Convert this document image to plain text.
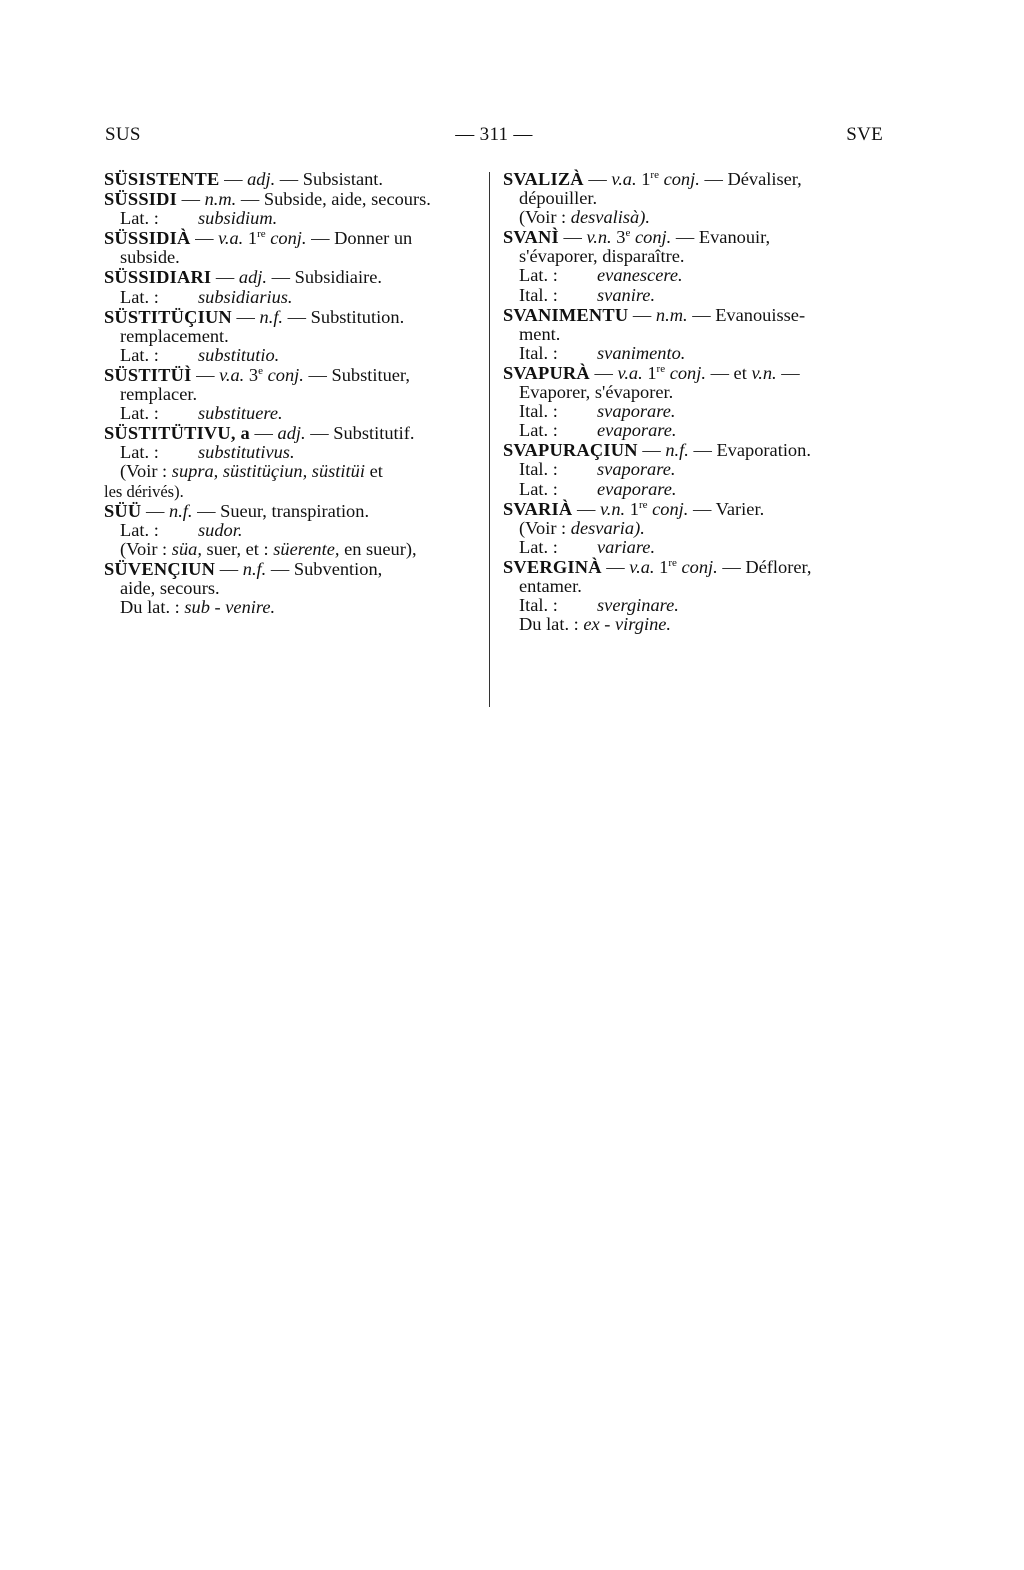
SUS	— 311 —	SVE
SÜSISTENTE — adj. — Subsistant.
SÜSSIDI — n.m. — Subside, aide, secours.
Lat. : subsidium.
SÜSSIDIÀ — v.a. 1re conj. — Donner un
subside.
SÜSSIDIARI — adj. — Subsidiaire.
Lat. : subsidiarius.
SÜSTITÜÇIUN — n.f. — Substitution.
remplacement.
Lat. : substitutio.
SÜSTITÜÌ — v.a. 3e conj. — Substituer,
remplacer.
Lat. : substituere.
SÜSTITÜTIVU, a — adj. — Substitutif.
Lat. : substitutivus.
(Voir : supra, süstitüçiun, süstitüi et
les dérivés).
SÜÜ — n.f. — Sueur, transpiration.
Lat. : sudor.
(Voir : süa, suer, et : süerente, en sueur),
SÜVENÇIUN — n.f. — Subvention,
aide, secours.
Du lat. : sub - venire.
SVALIZÀ — v.a. 1re conj. — Dévaliser,
dépouiller.
(Voir : desvalisà).
SVANÌ — v.n. 3e conj. — Evanouir,
s'évaporer, disparaître.
Lat. : evanescere.
Ital. : svanire.
SVANIMENTU — n.m. — Evanouisse-
ment.
Ital. : svanimento.
SVAPURÀ — v.a. 1re conj. — et v.n. —
Evaporer, s'évaporer.
Ital. : svaporare.
Lat. : evaporare.
SVAPURAÇIUN — n.f. — Evaporation.
Ital. : svaporare.
Lat. : evaporare.
SVARIÀ — v.n. 1re conj. — Varier.
(Voir : desvaria).
Lat. : variare.
SVERGINÀ — v.a. 1re conj. — Déflorer,
entamer.
Ital. : sverginare.
Du lat. : ex - virgine.
